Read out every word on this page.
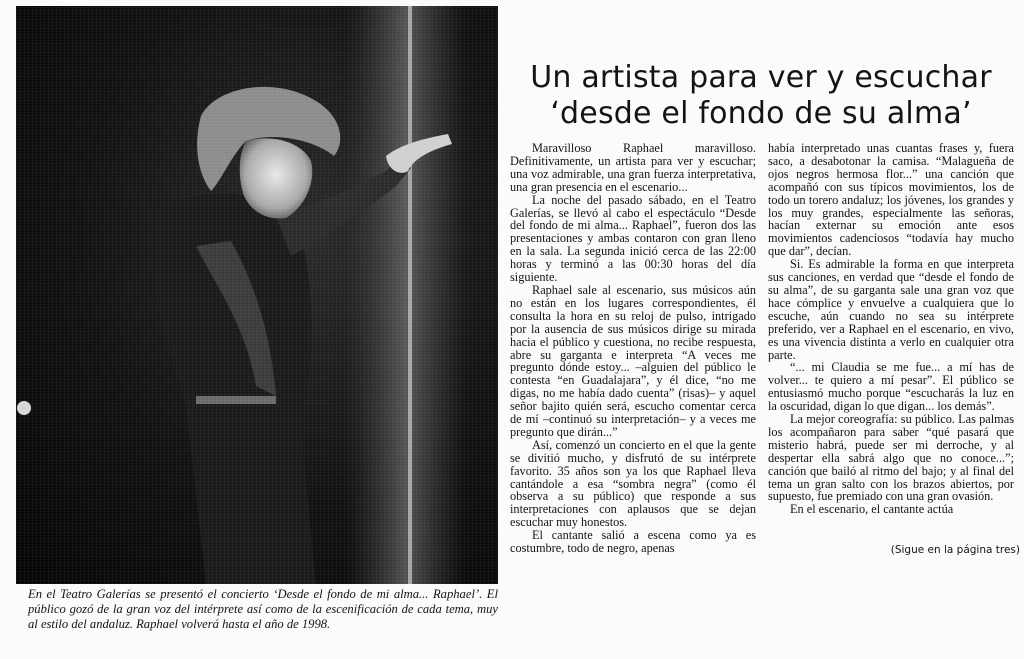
En el Teatro Galerías se presentó el concierto ‘Desde el fondo de mi alma... Raphael’. El público gozó de la gran voz del intérprete así como de la escenificación de cada tema, muy al estilo del andaluz. Raphael volverá hasta el año de 1998.

Un artista para ver y escuchar
‘desde el fondo de su alma’

Maravilloso Raphael maravilloso. Definitivamente, un artista para ver y escuchar; una voz admirable, una gran fuerza interpretativa, una gran presencia en el escenario...

La noche del pasado sábado, en el Teatro Galerías, se llevó al cabo el espectáculo “Desde del fondo de mi alma... Raphael”, fueron dos las presentaciones y ambas contaron con gran lleno en la sala. La segunda inició cerca de las 22:00 horas y terminó a las 00:30 horas del día siguiente.

Raphael sale al escenario, sus músicos aún no están en los lugares correspondientes, él consulta la hora en su reloj de pulso, intrigado por la ausencia de sus músicos dirige su mirada hacia el público y cuestiona, no recibe respuesta, abre su garganta e interpreta “A veces me pregunto dónde estoy... –alguien del público le contesta “en Guadalajara”, y él dice, “no me digas, no me había dado cuenta” (risas)– y aquel señor bajito quién será, escucho comentar cerca de mí –continuó su interpretación– y a veces me pregunto que dirán...”

Así, comenzó un concierto en el que la gente se divitió mucho, y disfrutó de su intérprete favorito. 35 años son ya los que Raphael lleva cantándole a esa “sombra negra” (como él observa a su público) que responde a sus interpretaciones con aplausos que se dejan escuchar muy honestos.

El cantante salió a escena como ya es costumbre, todo de negro, apenas

había interpretado unas cuantas frases y, fuera saco, a desabotonar la camisa. “Malagueña de ojos negros hermosa flor...” una canción que acompañó con sus típicos movimientos, los de todo un torero andaluz; los jóvenes, los grandes y los muy grandes, especialmente las señoras, hacían externar su emoción ante esos movimientos cadenciosos “todavía hay mucho que dar”, decían.

Si. Es admirable la forma en que interpreta sus canciones, en verdad que “desde el fondo de su alma”, de su garganta sale una gran voz que hace cómplice y envuelve a cualquiera que lo escuche, aún cuando no sea su intérprete preferido, ver a Raphael en el escenario, en vivo, es una vivencia distinta a verlo en cualquier otra parte.

“... mi Claudia se me fue... a mí has de volver... te quiero a mí pesar”. El público se entusiasmó mucho porque “escucharás la luz en la oscuridad, digan lo que digan... los demás”.

La mejor coreografía: su público. Las palmas los acompañaron para saber “qué pasará que misterio habrá, puede ser mi derroche, y al despertar ella sabrá algo que no conoce...”; canción que bailó al ritmo del bajo; y al final del tema un gran salto con los brazos abiertos, por supuesto, fue premiado con una gran ovasión.

En el escenario, el cantante actúa

(Sigue en la página tres)
